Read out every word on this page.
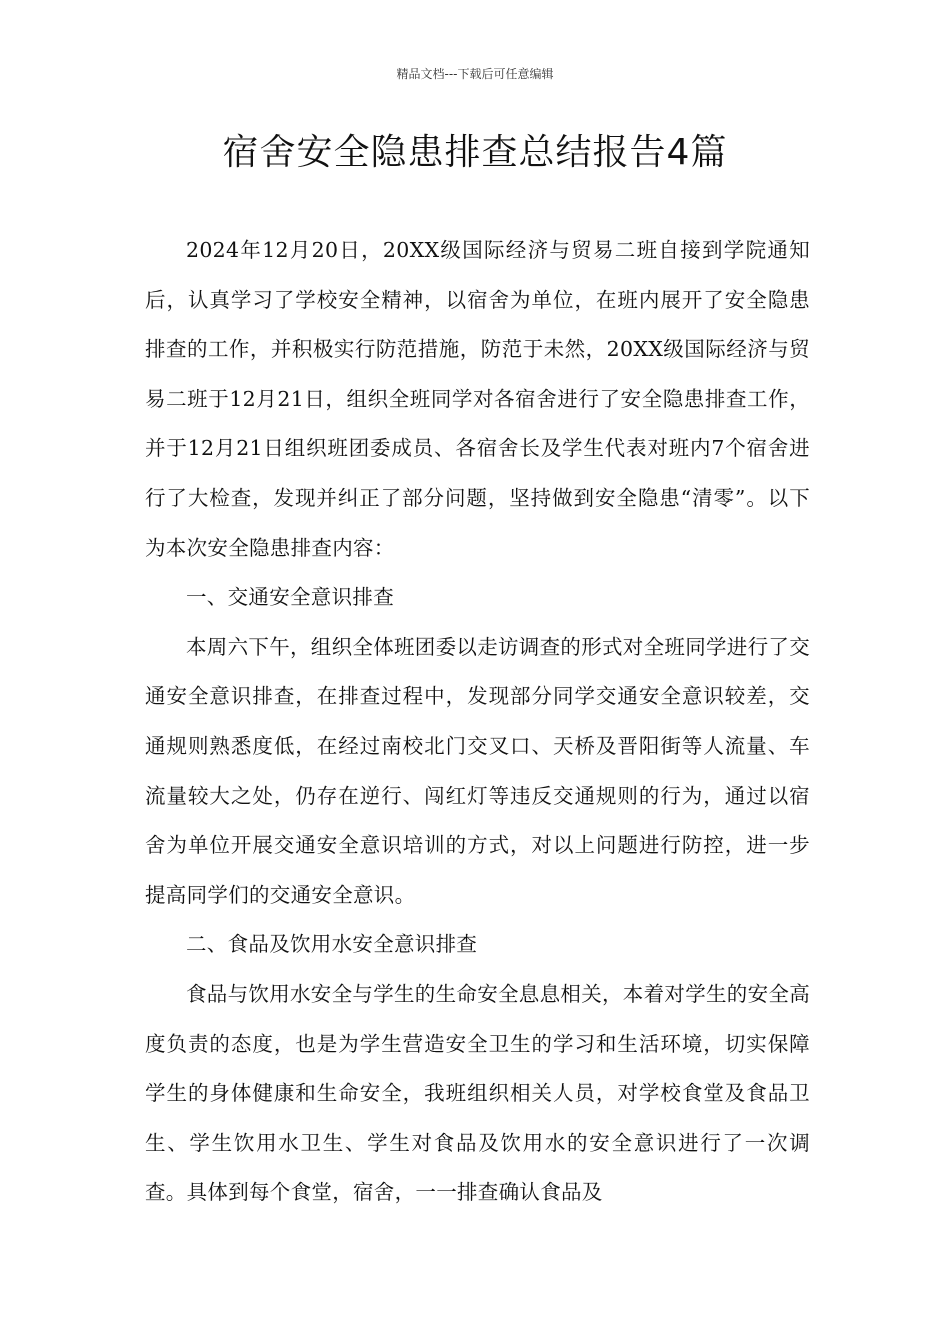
精品文档---下载后可任意编辑
宿舍安全隐患排查总结报告4篇

2024年12月20日，20XX级国际经济与贸易二班自接到学院通知后，认真学习了学校安全精神，以宿舍为单位，在班内展开了安全隐患排查的工作，并积极实行防范措施，防范于未然，20XX级国际经济与贸易二班于12月21日，组织全班同学对各宿舍进行了安全隐患排查工作，并于12月21日组织班团委成员、各宿舍长及学生代表对班内7个宿舍进行了大检查，发现并纠正了部分问题，坚持做到安全隐患“清零”。以下为本次安全隐患排查内容：

一、交通安全意识排查

本周六下午，组织全体班团委以走访调查的形式对全班同学进行了交通安全意识排查，在排查过程中，发现部分同学交通安全意识较差，交通规则熟悉度低，在经过南校北门交叉口、天桥及晋阳街等人流量、车流量较大之处，仍存在逆行、闯红灯等违反交通规则的行为，通过以宿舍为单位开展交通安全意识培训的方式，对以上问题进行防控，进一步提高同学们的交通安全意识。

二、食品及饮用水安全意识排查

食品与饮用水安全与学生的生命安全息息相关，本着对学生的安全高度负责的态度，也是为学生营造安全卫生的学习和生活环境，切实保障学生的身体健康和生命安全，我班组织相关人员，对学校食堂及食品卫生、学生饮用水卫生、学生对食品及饮用水的安全意识进行了一次调查。具体到每个食堂，宿舍，一一排查确认食品及
